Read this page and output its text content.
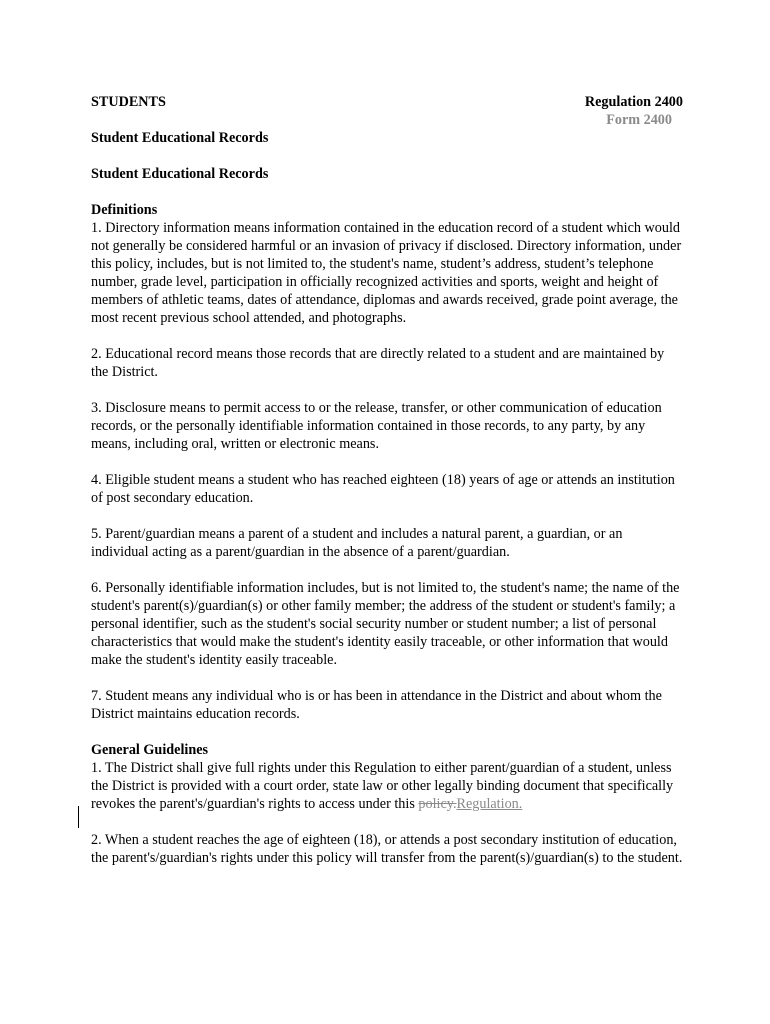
STUDENTS	Regulation 2400
Form 2400

Student Educational Records

Student Educational Records

Definitions

1. Directory information means information contained in the education record of a student which would not generally be considered harmful or an invasion of privacy if disclosed. Directory information, under this policy, includes, but is not limited to, the student's name, student’s address, student’s telephone number, grade level, participation in officially recognized activities and sports, weight and height of members of athletic teams, dates of attendance, diplomas and awards received, grade point average, the most recent previous school attended, and photographs.

2. Educational record means those records that are directly related to a student and are maintained by the District.

3. Disclosure means to permit access to or the release, transfer, or other communication of education records, or the personally identifiable information contained in those records, to any party, by any means, including oral, written or electronic means.

4. Eligible student means a student who has reached eighteen (18) years of age or attends an institution of post secondary education.

5. Parent/guardian means a parent of a student and includes a natural parent, a guardian, or an individual acting as a parent/guardian in the absence of a parent/guardian.

6. Personally identifiable information includes, but is not limited to, the student's name; the name of the student's parent(s)/guardian(s) or other family member; the address of the student or student's family; a personal identifier, such as the student's social security number or student number; a list of personal characteristics that would make the student's identity easily traceable, or other information that would make the student's identity easily traceable.

7. Student means any individual who is or has been in attendance in the District and about whom the District maintains education records.

General Guidelines

1. The District shall give full rights under this Regulation to either parent/guardian of a student, unless the District is provided with a court order, state law or other legally binding document that specifically revokes the parent's/guardian's rights to access under this policy.Regulation.

2. When a student reaches the age of eighteen (18), or attends a post secondary institution of education, the parent's/guardian's rights under this policy will transfer from the parent(s)/guardian(s) to the student.
